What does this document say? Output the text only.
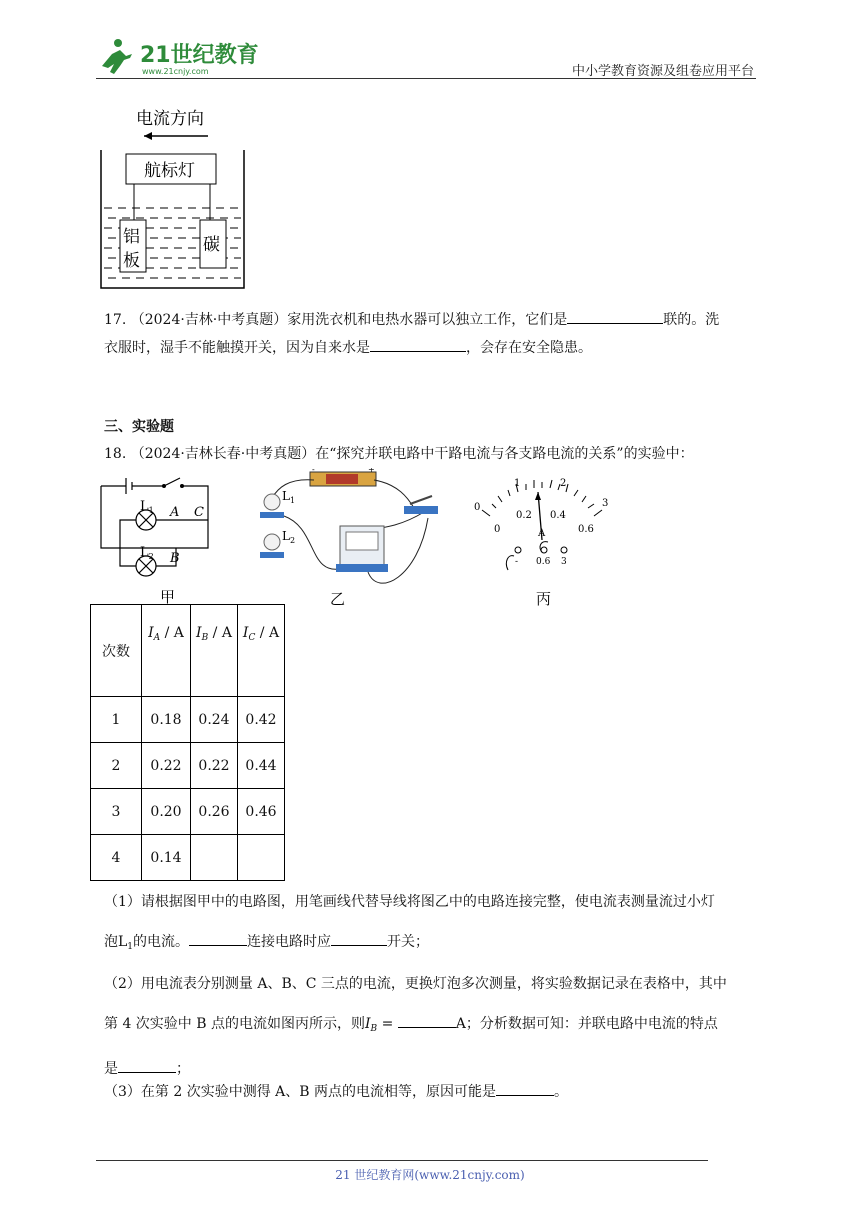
21世纪教育
www.21cnjy.com	中小学教育资源及组卷应用平台
电流方向
航标灯
铝
板
碳
17. （2024·吉林·中考真题）家用洗衣机和电热水器可以独立工作，它们是	联的。洗
衣服时，湿手不能触摸开关，因为自来水是	，会存在安全隐患。
三、实验题
18. （2024·吉林长春·中考真题）在“探究并联电路中干路电流与各支路电流的关系”的实验中：
$L_1$
$L_2$
A C
B
甲
-	+
$L_1$
$L_2$
乙
1	2
3
0
0
0.2 0.4
0.6
A
- 0.6 3
丙
次数	$I_A$ / A	$I_B$ / A	$I_C$ / A
1	0.18	0.24	0.42
2	0.22	0.22	0.44
3	0.20	0.26	0.46
4	0.14		
（1）请根据图甲中的电路图，用笔画线代替导线将图乙中的电路连接完整，使电流表测量流过小灯
泡$L_1$的电流。	连接电路时应	开关；
（2）用电流表分别测量 A、B、C 三点的电流，更换灯泡多次测量，将实验数据记录在表格中，其中
第 4 次实验中 B 点的电流如图丙所示，则$I_B$ =	A；分析数据可知：并联电路中电流的特点
是	；
（3）在第 2 次实验中测得 A、B 两点的电流相等，原因可能是	。
21 世纪教育网(www.21cnjy.com)
